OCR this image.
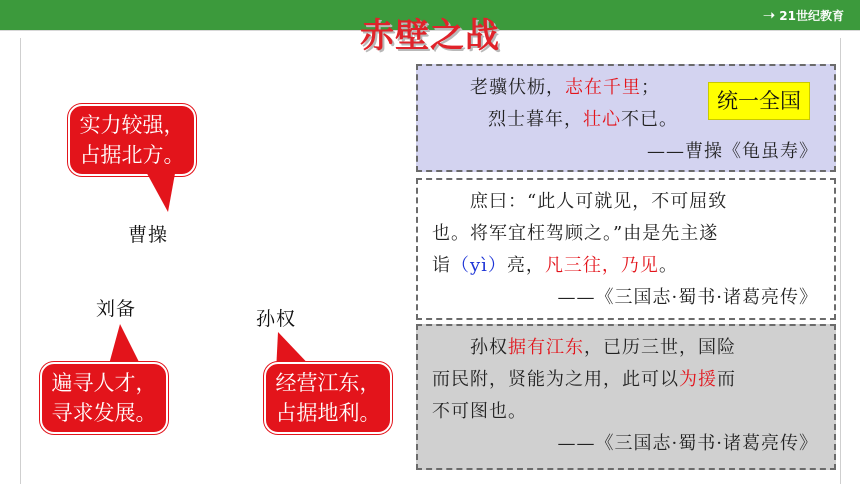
➝ 21世纪教育
赤壁之战
实力较强，
占据北方。
曹操
刘备
遍寻人才，
寻求发展。
孙权
经营江东，
占据地利。
老骥伏枥，志在千里；
烈士暮年，壮心不已。
——曹操《龟虽寿》
统一全国
庶曰：“此人可就见，不可屈致
也。将军宜枉驾顾之。”由是先主遂
诣（yì）亮，凡三往，乃见。
——《三国志·蜀书·诸葛亮传》
孙权据有江东，已历三世，国险
而民附，贤能为之用，此可以为援而
不可图也。
——《三国志·蜀书·诸葛亮传》
